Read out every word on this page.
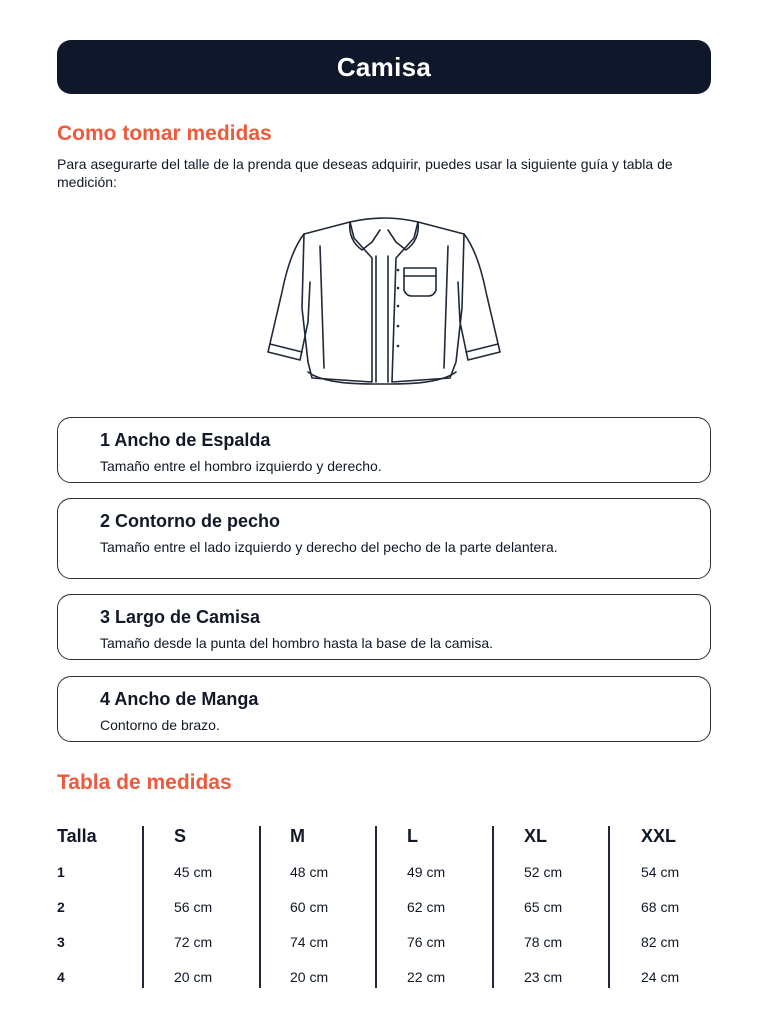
Camisa
Como tomar medidas
Para asegurarte del talle de la prenda que deseas adquirir, puedes usar la siguiente guía y tabla de medición:
1 Ancho de Espalda
Tamaño entre el hombro izquierdo y derecho.
2 Contorno de pecho
Tamaño entre el lado izquierdo y derecho del pecho de la parte delantera.
3 Largo de Camisa
Tamaño desde la punta del hombro hasta la base de la camisa.
4 Ancho de Manga
Contorno de brazo.
Tabla de medidas
Talla	S	M	L	XL	XXL
1	45 cm	48 cm	49 cm	52 cm	54 cm
2	56 cm	60 cm	62 cm	65 cm	68 cm
3	72 cm	74 cm	76 cm	78 cm	82 cm
4	20 cm	20 cm	22 cm	23 cm	24 cm
